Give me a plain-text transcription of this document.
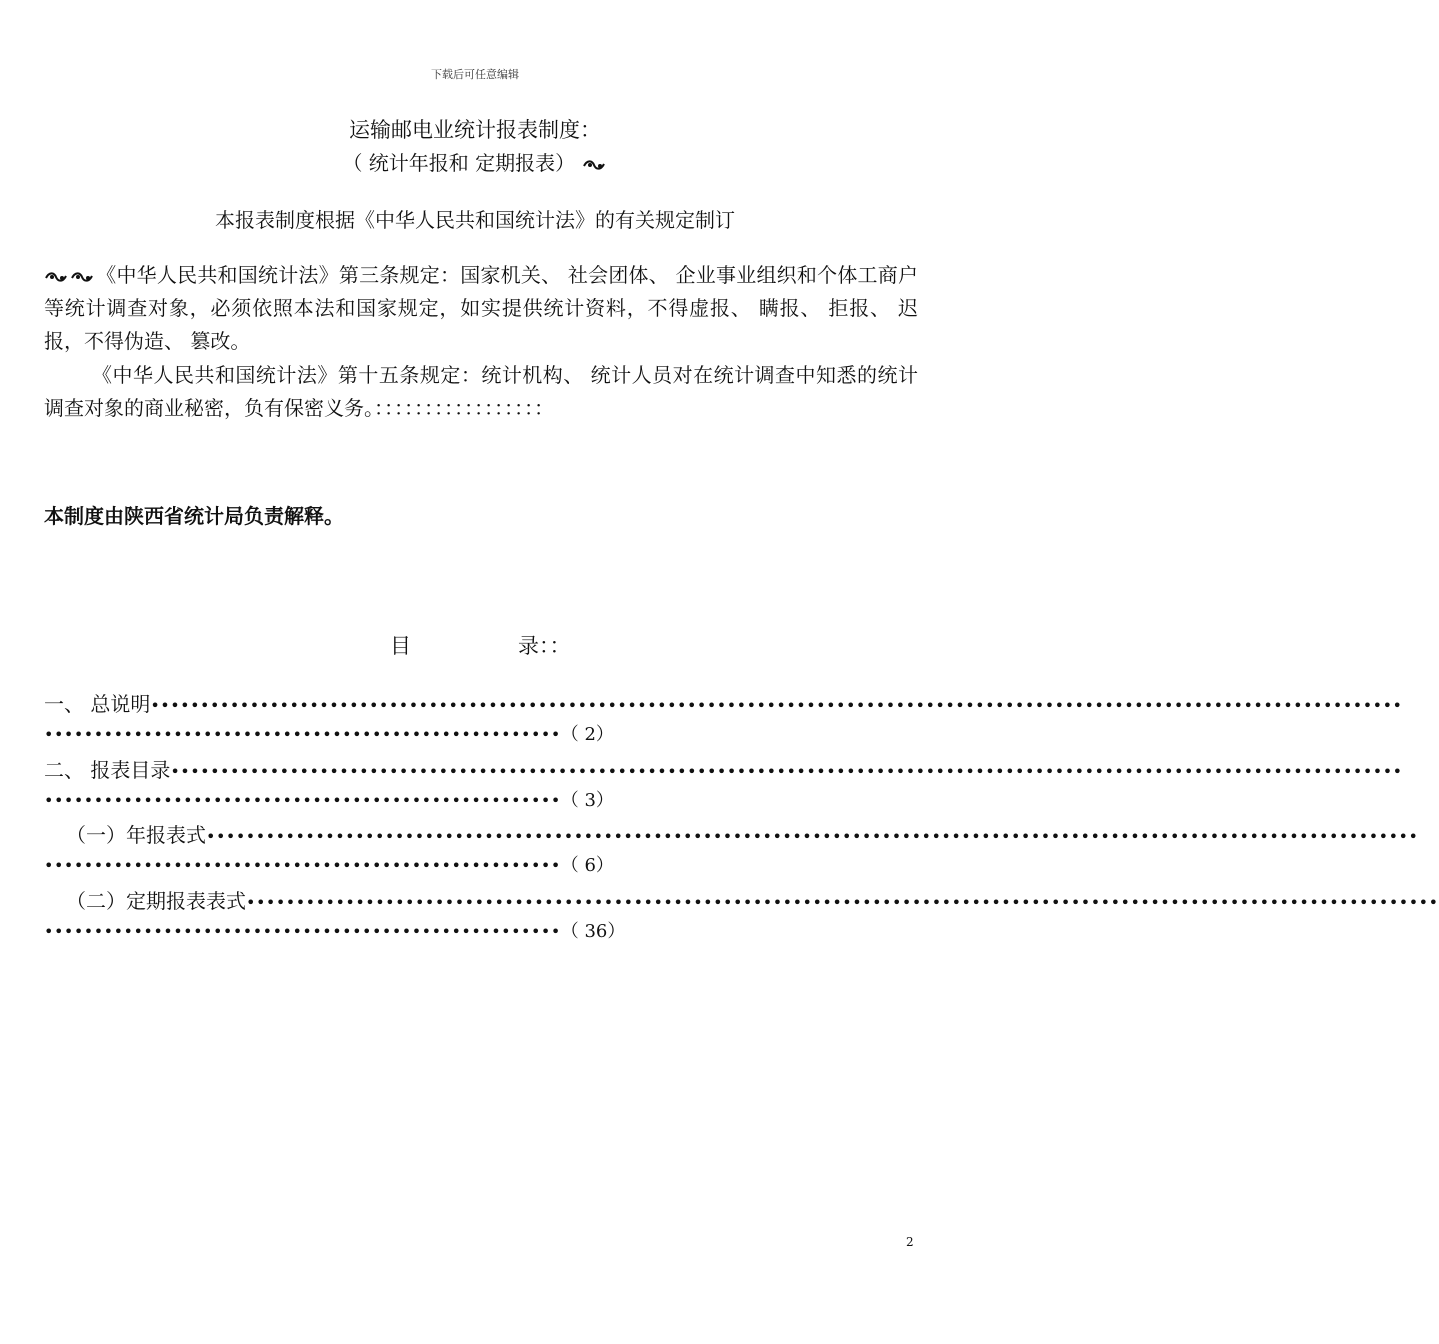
下载后可任意编辑
运输邮电业统计报表制度：
（ 统计年报和 定期报表）
本报表制度根据《中华人民共和国统计法》的有关规定制订
《中华人民共和国统计法》第三条规定：国家机关、 社会团体、 企业事业组织和个体工商户等统计调查对象，必须依照本法和国家规定，如实提供统计资料，不得虚报、 瞒报、 拒报、 迟报，不得伪造、 篡改。
《中华人民共和国统计法》第十五条规定：统计机构、 统计人员对在统计调查中知悉的统计调查对象的商业秘密，负有保密义务。：：：：：：：：：：：：：：：：：
本制度由陕西省统计局负责解释。
目	录：：
一、 总说明••••••••••••••••••••••••••••••••••••••••••••••••••••••••••••••••••••••••••••••••••••••••••••••••••••••••••••••••••••••••••••••
••••••••••••••••••••••••••••••••••••••••••••••••••••（ 2）
二、 报表目录••••••••••••••••••••••••••••••••••••••••••••••••••••••••••••••••••••••••••••••••••••••••••••••••••••••••••••••••••••••••••••
••••••••••••••••••••••••••••••••••••••••••••••••••••（ 3）
（一）年报表式••••••••••••••••••••••••••••••••••••••••••••••••••••••••••••••••••••••••••••••••••••••••••••••••••••••••••••••••••••••••••
••••••••••••••••••••••••••••••••••••••••••••••••••••（ 6）
（二）定期报表表式••••••••••••••••••••••••••••••••••••••••••••••••••••••••••••••••••••••••••••••••••••••••••••••••••••••••••••••••••••••••
••••••••••••••••••••••••••••••••••••••••••••••••••••（ 36）
2
